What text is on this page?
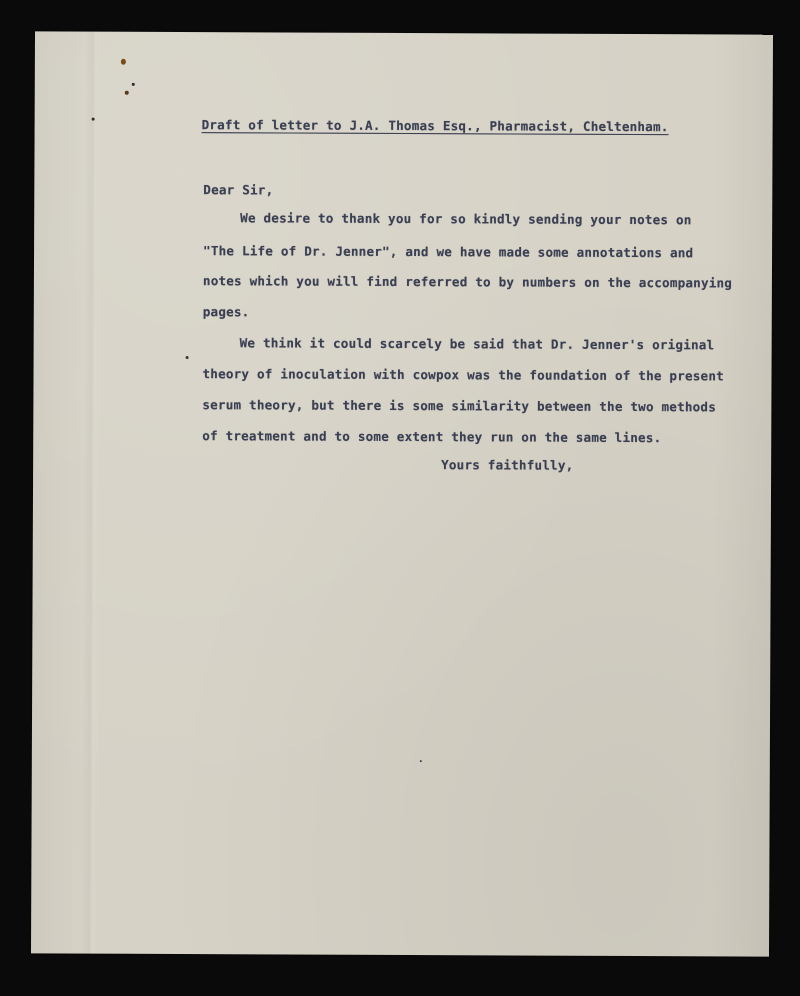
Draft of letter to J.A. Thomas Esq., Pharmacist, Cheltenham.
Dear Sir,
We desire to thank you for so kindly sending your notes on
"The Life of Dr. Jenner", and we have made some annotations and
notes which you will find referred to by numbers on the accompanying
pages.
We think it could scarcely be said that Dr. Jenner's original
theory of inoculation with cowpox was the foundation of the present
serum theory, but there is some similarity between the two methods
of treatment and to some extent they run on the same lines.
Yours faithfully,
